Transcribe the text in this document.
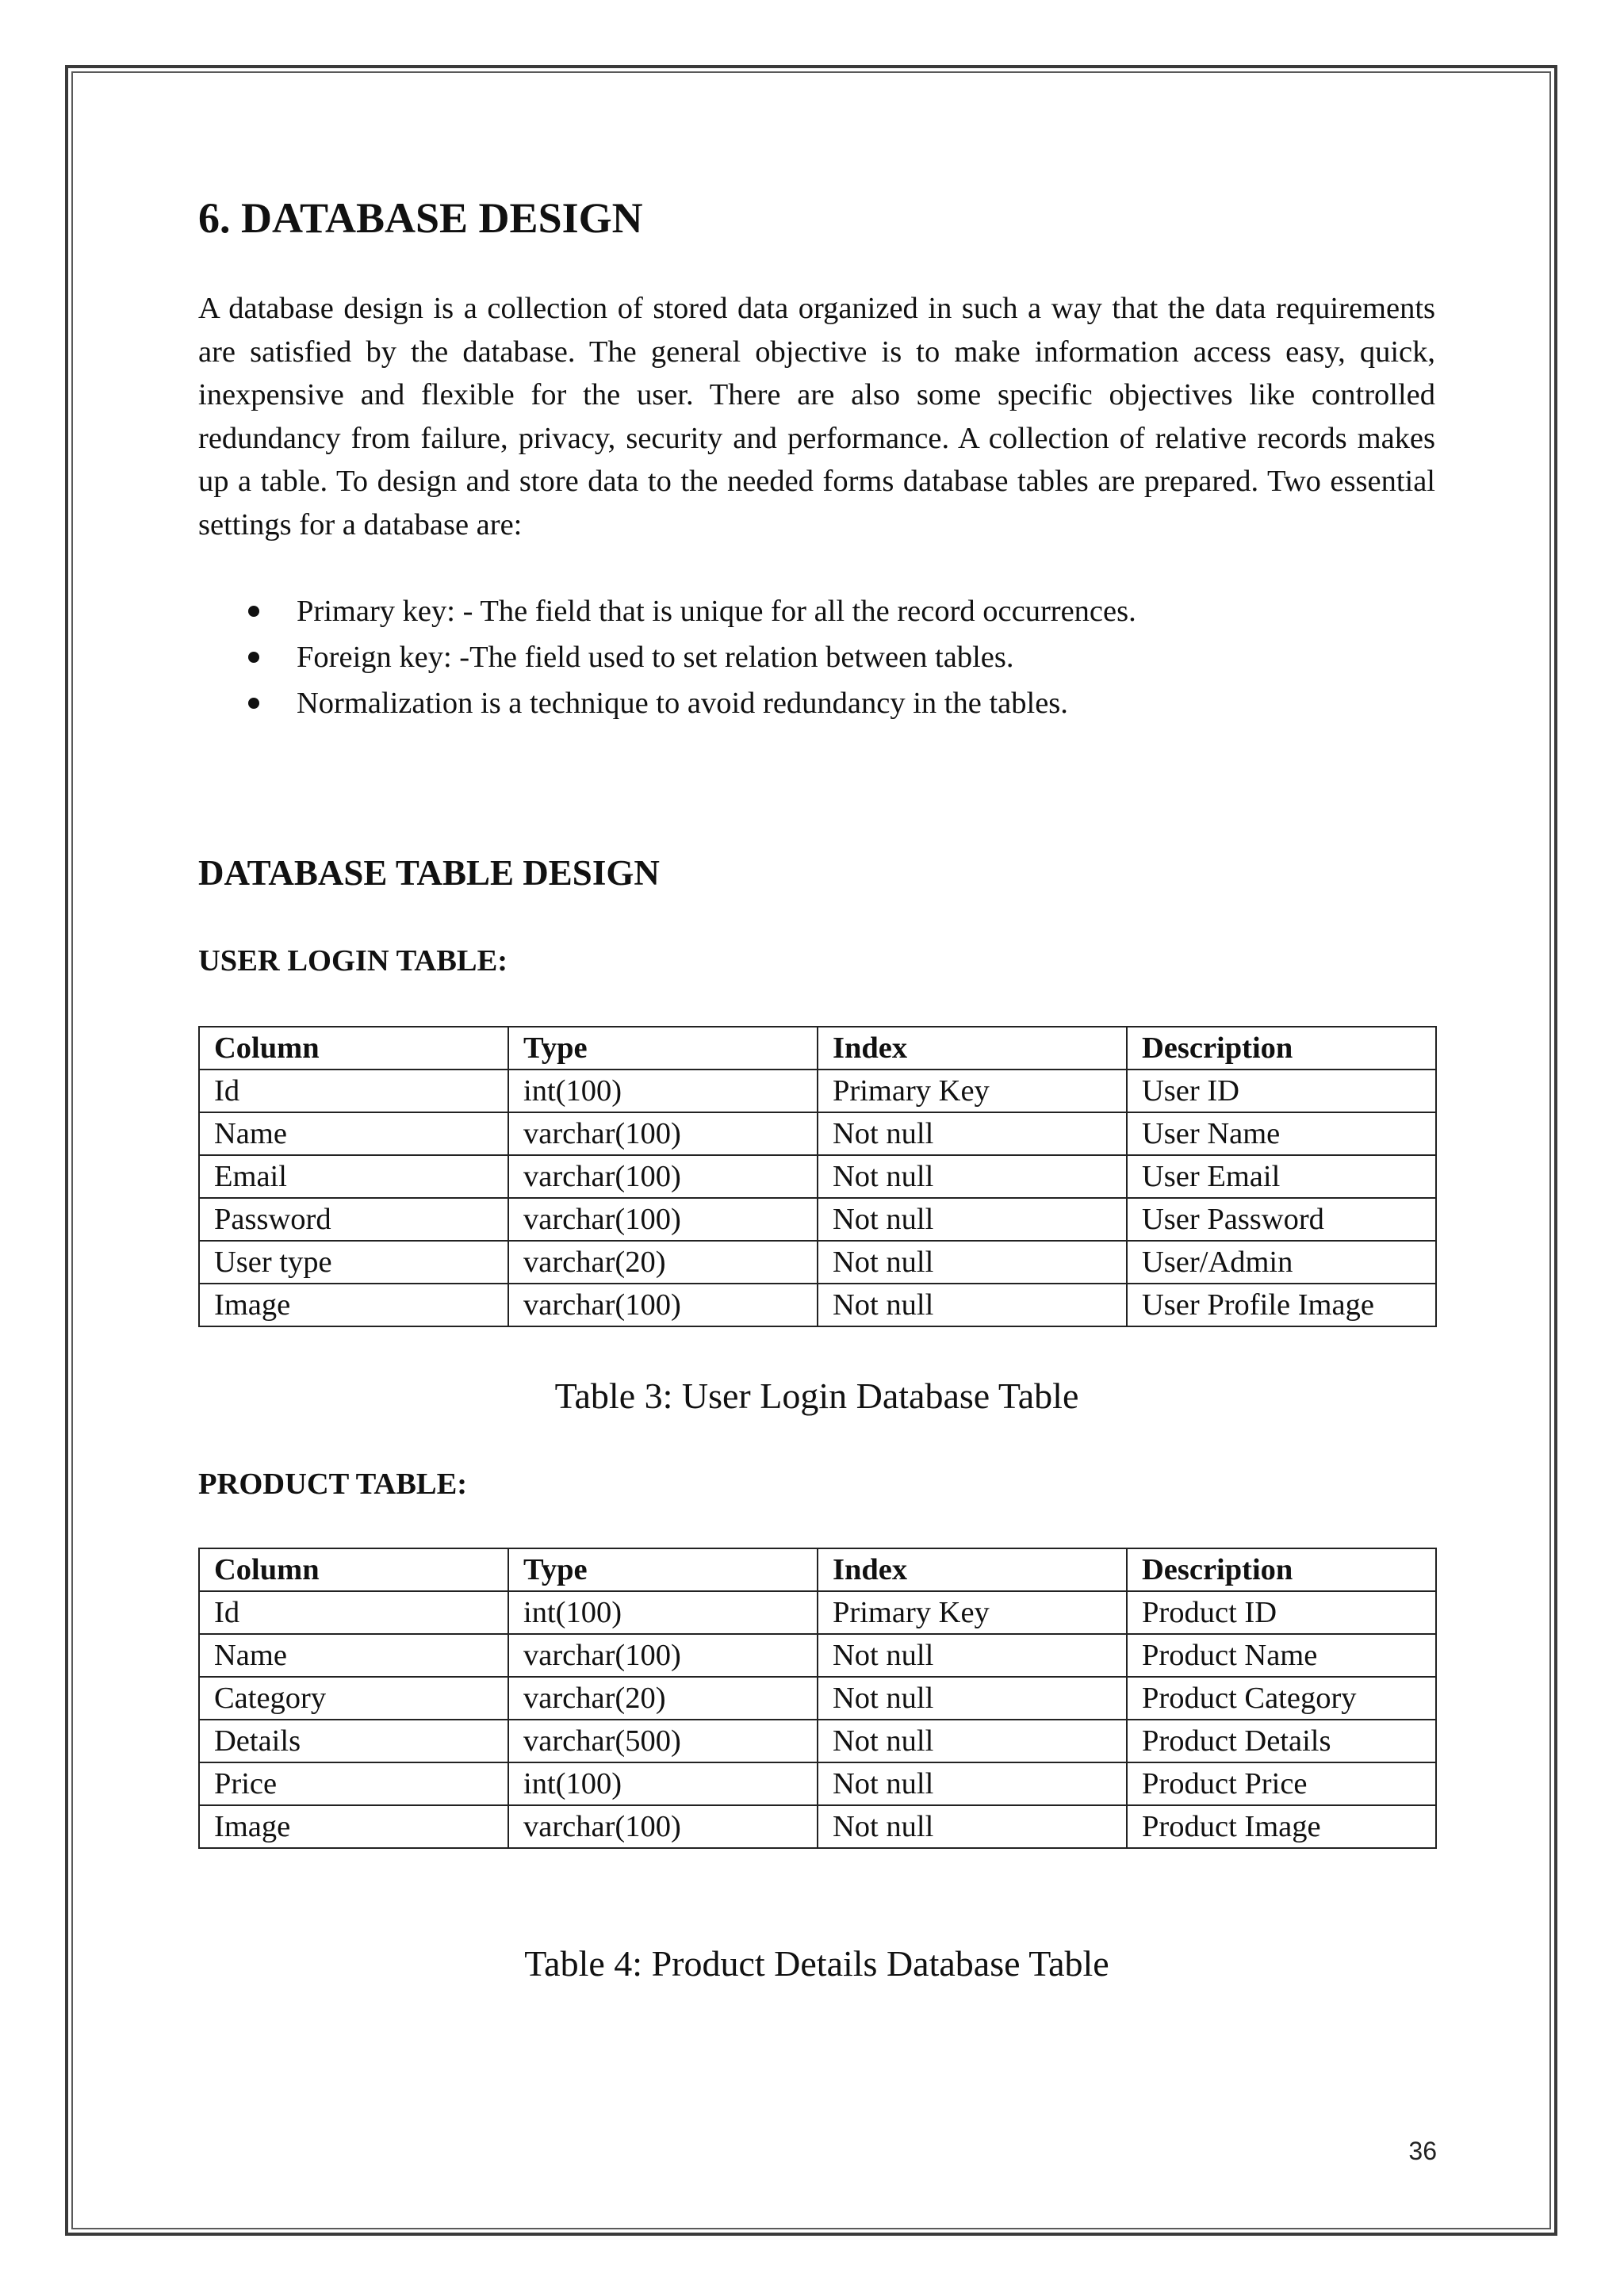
6. DATABASE DESIGN

A database design is a collection of stored data organized in such a way that the data requirements are satisfied by the database. The general objective is to make information access easy, quick, inexpensive and flexible for the user. There are also some specific objectives like controlled redundancy from failure, privacy, security and performance. A collection of relative records makes up a table. To design and store data to the needed forms database tables are prepared. Two essential settings for a database are:

Primary key: - The field that is unique for all the record occurrences.
Foreign key: -The field used to set relation between tables.
Normalization is a technique to avoid redundancy in the tables.
DATABASE TABLE DESIGN
USER LOGIN TABLE:
Column	Type	Index	Description
Id	int(100)	Primary Key	User ID
Name	varchar(100)	Not null	User Name
Email	varchar(100)	Not null	User Email
Password	varchar(100)	Not null	User Password
User type	varchar(20)	Not null	User/Admin
Image	varchar(100)	Not null	User Profile Image

Table 3: User Login Database Table

PRODUCT TABLE:
Column	Type	Index	Description
Id	int(100)	Primary Key	Product ID
Name	varchar(100)	Not null	Product Name
Category	varchar(20)	Not null	Product Category
Details	varchar(500)	Not null	Product Details
Price	int(100)	Not null	Product Price
Image	varchar(100)	Not null	Product Image

Table 4: Product Details Database Table

36
